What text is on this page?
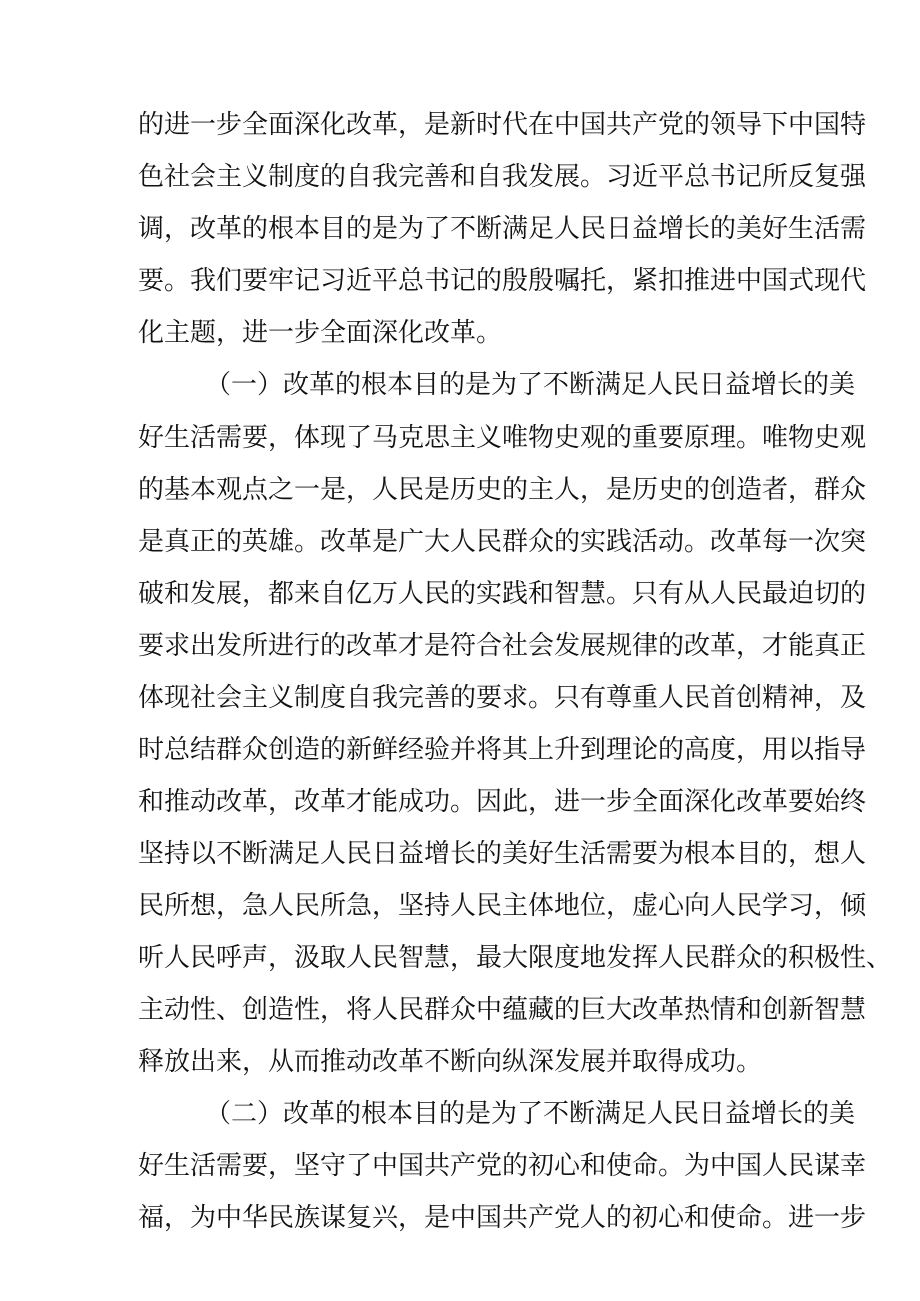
的进一步全面深化改革，是新时代在中国共产党的领导下中国特
色社会主义制度的自我完善和自我发展。习近平总书记所反复强
调，改革的根本目的是为了不断满足人民日益增长的美好生活需
要。我们要牢记习近平总书记的殷殷嘱托，紧扣推进中国式现代
化主题，进一步全面深化改革。
（一）改革的根本目的是为了不断满足人民日益增长的美
好生活需要，体现了马克思主义唯物史观的重要原理。唯物史观
的基本观点之一是，人民是历史的主人，是历史的创造者，群众
是真正的英雄。改革是广大人民群众的实践活动。改革每一次突
破和发展，都来自亿万人民的实践和智慧。只有从人民最迫切的
要求出发所进行的改革才是符合社会发展规律的改革，才能真正
体现社会主义制度自我完善的要求。只有尊重人民首创精神，及
时总结群众创造的新鲜经验并将其上升到理论的高度，用以指导
和推动改革，改革才能成功。因此，进一步全面深化改革要始终
坚持以不断满足人民日益增长的美好生活需要为根本目的，想人
民所想，急人民所急，坚持人民主体地位，虚心向人民学习，倾
听人民呼声，汲取人民智慧，最大限度地发挥人民群众的积极性、
主动性、创造性，将人民群众中蕴藏的巨大改革热情和创新智慧
释放出来，从而推动改革不断向纵深发展并取得成功。
（二）改革的根本目的是为了不断满足人民日益增长的美
好生活需要，坚守了中国共产党的初心和使命。为中国人民谋幸
福，为中华民族谋复兴，是中国共产党人的初心和使命。进一步
